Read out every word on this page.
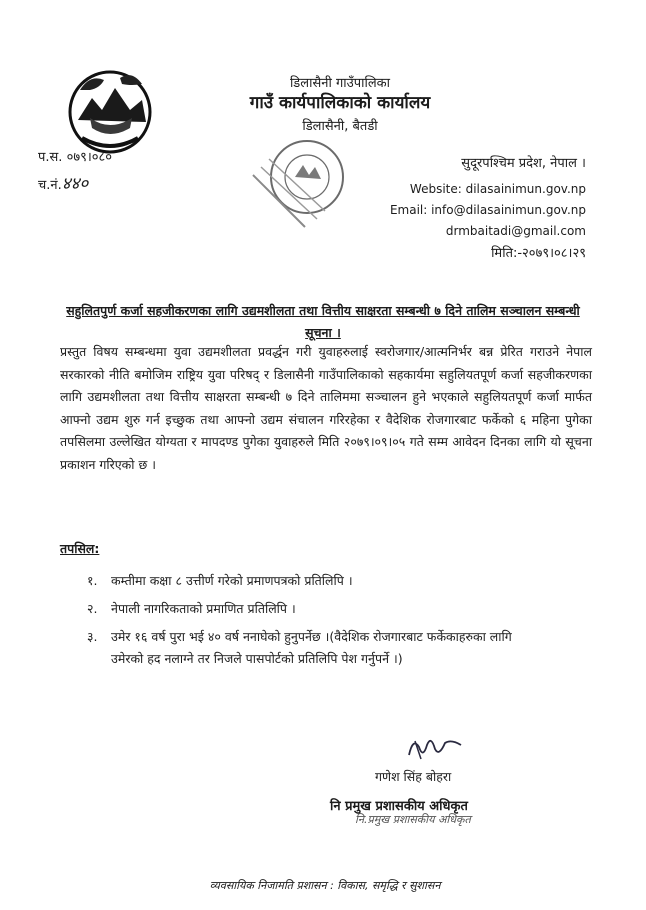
डिलासैनी गाउँपालिका
गाउँ कार्यपालिकाको कार्यालय
डिलासैनी, बैतडी
प.स. ०७९।०८०
च.नं.४४०
सुदूरपश्चिम प्रदेश, नेपाल ।
Website: dilasainimun.gov.np
Email: info@dilasainimun.gov.np
drmbaitadi@gmail.com
मिति:-२०७९।०८।२९
सहुलितपुर्ण कर्जा सहजीकरणका लागि उद्यमशीलता तथा वित्तीय साक्षरता सम्बन्धी ७ दिने तालिम सञ्चालन सम्बन्धी सूचना ।
प्रस्तुत विषय सम्बन्धमा युवा उद्यमशीलता प्रवर्द्धन गरी युवाहरुलाई स्वरोजगार/आत्मनिर्भर बन्न प्रेरित गराउने नेपाल सरकारको नीति बमोजिम राष्ट्रिय युवा परिषद् र डिलासैनी गाउँपालिकाको सहकार्यमा सहुलियतपूर्ण कर्जा सहजीकरणका लागि उद्यमशीलता तथा वित्तीय साक्षरता सम्बन्धी ७ दिने तालिममा सञ्चालन हुने भएकाले सहुलियतपूर्ण कर्जा मार्फत आफ्नो उद्यम शुरु गर्न इच्छुक तथा आफ्नो उद्यम संचालन गरिरहेका र वैदेशिक रोजगारबाट फर्केको ६ महिना पुगेका तपसिलमा उल्लेखित योग्यता र मापदण्ड पुगेका युवाहरुले मिति २०७९।०९।०५ गते सम्म आवेदन दिनका लागि यो सूचना प्रकाशन गरिएको छ ।
तपसिल:
१. कम्तीमा कक्षा ८ उत्तीर्ण गरेको प्रमाणपत्रको प्रतिलिपि ।
२. नेपाली नागरिकताको प्रमाणित प्रतिलिपि ।
३. उमेर १६ वर्ष पुरा भई ४० वर्ष ननाघेको हुनुपर्नेछ ।(वैदेशिक रोजगारबाट फर्केकाहरुका लागि
उमेरको हद नलाग्ने तर निजले पासपोर्टको प्रतिलिपि पेश गर्नुपर्ने ।)
गणेश सिंह बोहरा
नि प्रमुख प्रशासकीय अधिकृत
नि.प्रमुख प्रशासकीय अधिकृत
व्यवसायिक निजामति प्रशासन : विकास, समृद्धि र सुशासन
